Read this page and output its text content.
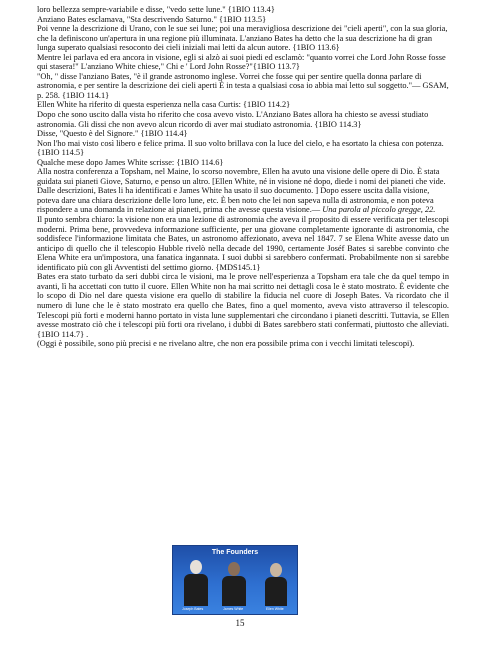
loro bellezza sempre-variabile e disse, "vedo sette lune." {1BIO 113.4}

Anziano Bates esclamava, "Sta descrivendo Saturno." {1BIO 113.5}

Poi venne la descrizione di Urano, con le sue sei lune; poi una meravigliosa descrizione dei "cieli aperti", con la sua gloria, che la definiscono un'apertura in una regione più illuminata. L'anziano Bates ha detto che la sua descrizione ha di gran lunga superato qualsiasi resoconto dei cieli iniziali mai letti da alcun autore. {1BIO 113.6}

Mentre lei parlava ed era ancora in visione, egli si alzò ai suoi piedi ed esclamò: "quanto vorrei che Lord John Rosse fosse qui stasera!" L'anziano White chiese," Chi e ' Lord John Rosse?"{1BIO 113.7}

"Oh, " disse l'anziano Bates, "è il grande astronomo inglese. Vorrei che fosse qui per sentire quella donna parlare di astronomia, e per sentire la descrizione dei cieli aperti È in testa a qualsiasi cosa io abbia mai letto sul soggetto."— GSAM, p. 258. {1BIO 114.1}

Ellen White ha riferito di questa esperienza nella casa Curtis: {1BIO 114.2}

Dopo che sono uscito dalla vista ho riferito che cosa avevo visto. L'Anziano Bates allora ha chiesto se avessi studiato astronomia. Gli dissi che non avevo alcun ricordo di aver mai studiato astronomia. {1BIO 114.3}

Disse, "Questo è del Signore." {1BIO 114.4}

Non l'ho mai visto così libero e felice prima. Il suo volto brillava con la luce del cielo, e ha esortato la chiesa con potenza. {1BIO 114.5}

Qualche mese dopo James White scrisse: {1BIO 114.6}

Alla nostra conferenza a Topsham, nel Maine, lo scorso novembre, Ellen ha avuto una visione delle opere di Dio. È stata guidata sui pianeti Giove, Saturno, e penso un altro. [Ellen White, né in visione né dopo, diede i nomi dei pianeti che vide. Dalle descrizioni, Bates li ha identificati e James White ha usato il suo documento. ] Dopo essere uscita dalla visione, poteva dare una chiara descrizione delle loro lune, etc. È ben noto che lei non sapeva nulla di astronomia, e non poteva rispondere a una domanda in relazione ai pianeti, prima che avesse questa visione.— Una parola al piccolo gregge, 22.

Il punto sembra chiaro: la visione non era una lezione di astronomia che aveva il proposito di essere verificata per telescopi moderni. Prima bene, provvedeva informazione sufficiente, per una giovane completamente ignorante di astronomia, che soddisfece l'informazione limitata che Bates, un astronomo affezionato, aveva nel 1847. 7 se Elena White avesse dato un anticipo di quello che il telescopio Hubble rivelò nella decade del 1990, certamente Joséf Bates si sarebbe convinto che Elena White era un'impostora, una fanatica ingannata. I suoi dubbi si sarebbero confermati. Probabilmente non si sarebbe identificato più con gli Avventisti del settimo giorno. {MDS145.1}

Bates era stato turbato da seri dubbi circa le visioni, ma le prove nell'esperienza a Topsham era tale che da quel tempo in avanti, lì ha accettati con tutto il cuore. Ellen White non ha mai scritto nei dettagli cosa le è stato mostrato. È evidente che lo scopo di Dio nel dare questa visione era quello di stabilire la fiducia nel cuore di Joseph Bates. Va ricordato che il numero di lune che le è stato mostrato era quello che Bates, fino a quel momento, aveva visto attraverso il telescopio. Telescopi più forti e moderni hanno portato in vista lune supplementari che circondano i pianeti descritti. Tuttavia, se Ellen avesse mostrato ciò che i telescopi più forti ora rivelano, i dubbi di Bates sarebbero stati confermati, piuttosto che alleviati. {1BIO 114.7} .

(Oggi è possibile, sono più precisi e ne rivelano altre, che non era possibile prima con i vecchi limitati telescopi).

The Founders
Joseph Bates	James White	Ellen White
15
